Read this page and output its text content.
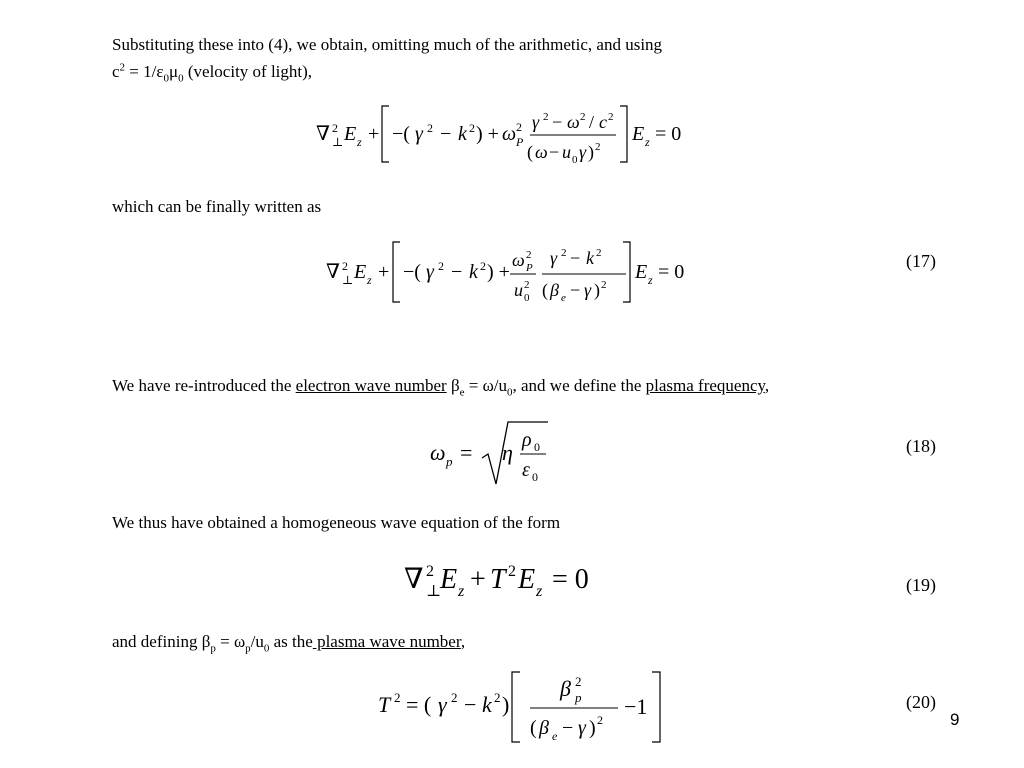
Substituting these into (4), we obtain, omitting much of the arithmetic, and using
$c^2 = 1/\varepsilon_0\mu_0$ (velocity of light),
∇ 2
⊥ E z + −( γ 2 − k 2 ) + ω 2
P
γ 2 − ω 2 / c 2
( ω − u 0 γ ) 2
E z = 0
which can be finally written as
∇ 2
⊥ E z + −( γ 2 − k 2 ) +
ω 2
P
u 2
0
γ 2 − k 2
( β e − γ ) 2
E z = 0	(17)
We have re-introduced the electron wave number $\beta_e = \omega/u_0$, and we define the plasma frequency,
ω p = η ρ 0
ε 0
(18)
We thus have obtained a homogeneous wave equation of the form
∇ 2
⊥
E z + T 2 E z = 0	(19)
and defining $\beta_p = \omega_p/u_0$ as the plasma wave number,
T 2 = ( γ 2 − k 2 )
β 2
p
( β e − γ ) 2
−1	(20)
9
